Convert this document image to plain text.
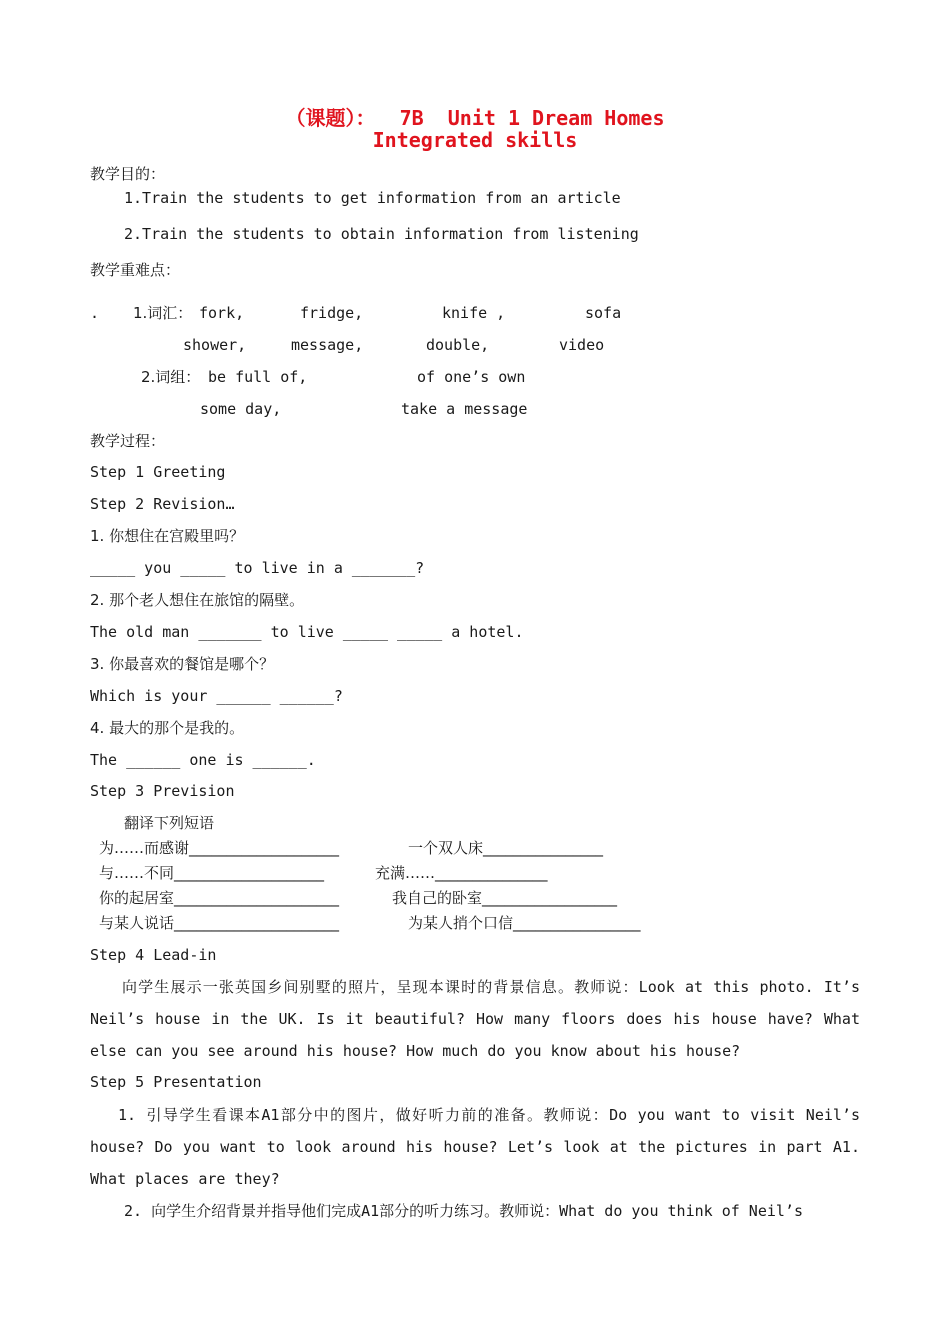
（课题）：  7B  Unit 1 Dream Homes
Integrated skills
教学目的：
1.Train the students to get information from an article
2.Train the students to obtain information from listening
教学重难点：
. 1.词汇： fork,	fridge,	knife ,	sofa
shower,	message,	double,	video
2.词组： be full of,	of one’s own
some day,	take a message
教学过程：
Step 1 Greeting
Step 2 Revision…
1. 你想住在宫殿里吗？
_____ you _____ to live in a _______?
2. 那个老人想住在旅馆的隔壁。
The old man _______ to live _____ _____ a hotel.
3. 你最喜欢的餐馆是哪个？
Which is your ______ ______?
4. 最大的那个是我的。
The ______ one is ______.
Step 3 Prevision
翻译下列短语
为……而感谢____________________	一个双人床________________
与……不同____________________	充满……_______________
你的起居室______________________	我自己的卧室__________________
与某人说话______________________	为某人捎个口信_________________
Step 4 Lead-in
向学生展示一张英国乡间别墅的照片，呈现本课时的背景信息。教师说：Look at this photo. It’s Neil’s house in the UK. Is it beautiful? How many floors does his house have? What else can you see around his house? How much do you know about his house?
Step 5 Presentation
1. 引导学生看课本A1部分中的图片，做好听力前的准备。教师说：Do you want to visit Neil’s house? Do you want to look around his house? Let’s look at the pictures in part A1. What places are they?
2. 向学生介绍背景并指导他们完成A1部分的听力练习。教师说：What do you think of Neil’s
